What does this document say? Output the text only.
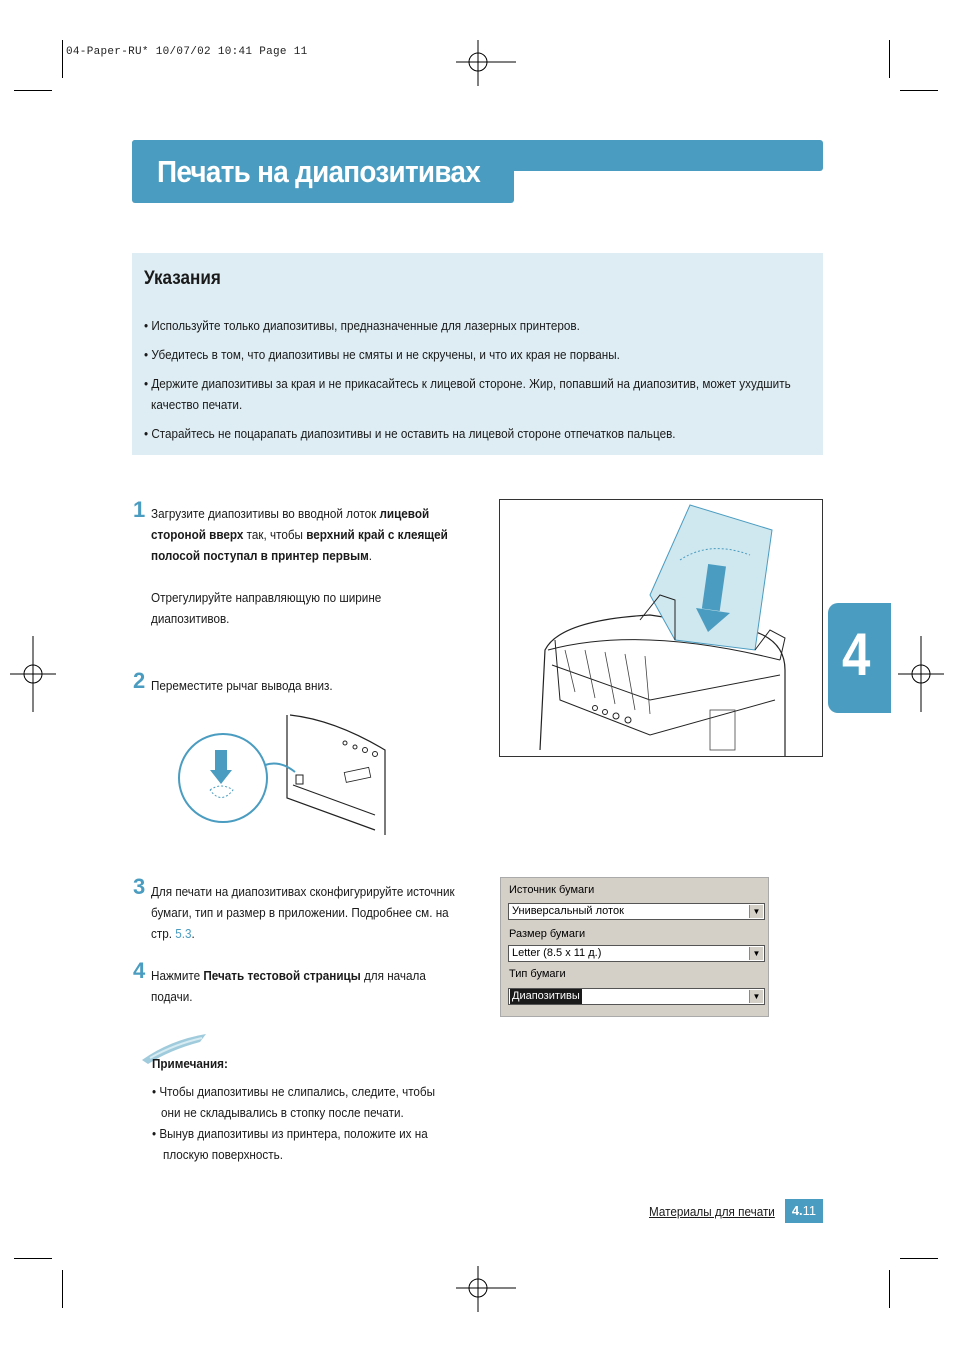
04-Paper-RU* 10/07/02 10:41 Page 11
Печать на диапозитивах
Указания
• Используйте только диапозитивы, предназначенные для лазерных принтеров.
• Убедитесь в том, что диапозитивы не смяты и не скручены, и что их края не порваны.
• Держите диапозитивы за края и не прикасайтесь к лицевой стороне. Жир, попавший на диапозитив, может ухудшить
качество печати.
• Старайтесь не поцарапать диапозитивы и не оставить на лицевой стороне отпечатков пальцев.
1 Загрузите диапозитивы во вводной лоток лицевой стороной вверх так, чтобы верхний край с клеящей полосой поступал в принтер первым.
Отрегулируйте направляющую по ширине диапозитивов.
4
2 Переместите рычаг вывода вниз.
3 Для печати на диапозитивах сконфигурируйте источник бумаги, тип и размер в приложении. Подробнее см. на стр. 5.3.
4 Нажмите Печать тестовой страницы для начала подачи.
Источник бумаги
Универсальный лоток	▼
Размер бумаги
Letter (8.5 x 11 д.)	▼
Тип бумаги
Диапозитивы	▼
Примечания:
• Чтобы диапозитивы не слипались, следите, чтобы
они не складывались в стопку после печати.
• Вынув диапозитивы из принтера, положите их на
плоскую поверхность.
Материалы для печати	4.11
